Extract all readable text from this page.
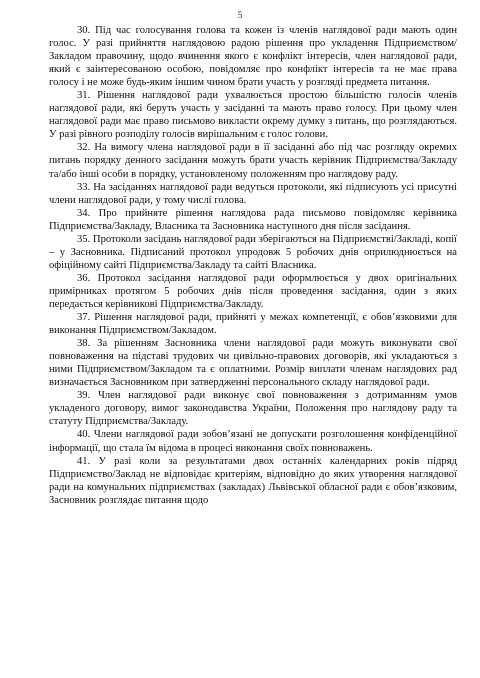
5

30. Під час голосування голова та кожен із членів наглядової ради мають один голос. У разі прийняття наглядовою радою рішення про укладення Підприємством/Закладом правочину, щодо вчинення якого є конфлікт інтересів, член наглядової ради, який є заінтересованою особою, повідомляє про конфлікт інтересів та не має права голосу і не може будь-яким іншим чином брати участь у розгляді предмета питання.

31. Рішення наглядової ради ухвалюється простою більшістю голосів членів наглядової ради, які беруть участь у засіданні та мають право голосу. При цьому член наглядової ради має право письмово викласти окрему думку з питань, що розглядаються. У разі рівного розподілу голосів вирішальним є голос голови.

32. На вимогу члена наглядової ради в її засіданні або під час розгляду окремих питань порядку денного засідання можуть брати участь керівник Підприємства/Закладу та/або інші особи в порядку, установленому положенням про наглядову раду.

33. На засіданнях наглядової ради ведуться протоколи, які підписують усі присутні члени наглядової ради, у тому числі голова.

34. Про прийняте рішення наглядова рада письмово повідомляє керівника Підприємства/Закладу, Власника та Засновника наступного дня після засідання.

35. Протоколи засідань наглядової ради зберігаються на Підприємстві/Закладі, копії – у Засновника. Підписаний протокол упродовж 5 робочих днів оприлюднюється на офіційному сайті Підприємства/Закладу та сайті Власника.

36. Протокол засідання наглядової ради оформлюється у двох оригінальних примірниках протягом 5 робочих днів після проведення засідання, один з яких передається керівникові Підприємства/Закладу.

37. Рішення наглядової ради, прийняті у межах компетенції, є обов’язковими для виконання Підприємством/Закладом.

38. За рішенням Засновника члени наглядової ради можуть виконувати свої повноваження на підставі трудових чи цивільно-правових договорів, які укладаються з ними Підприємством/Закладом та є оплатними. Розмір виплати членам наглядових рад визначається Засновником при затвердженні персонального складу наглядової ради.

39. Член наглядової ради виконує свої повноваження з дотриманням умов укладеного договору, вимог законодавства України, Положення про наглядову раду та статуту Підприємства/Закладу.

40. Члени наглядової ради зобов’язані не допускати розголошення конфіденційної інформації, що стала їм відома в процесі виконання своїх повноважень.

41. У разі коли за результатами двох останніх календарних років підряд Підприємство/Заклад не відповідає критеріям, відповідно до яких утворення наглядової ради на комунальних підприємствах (закладах) Львівської обласної ради є обов’язковим, Засновник розглядає питання щодо
